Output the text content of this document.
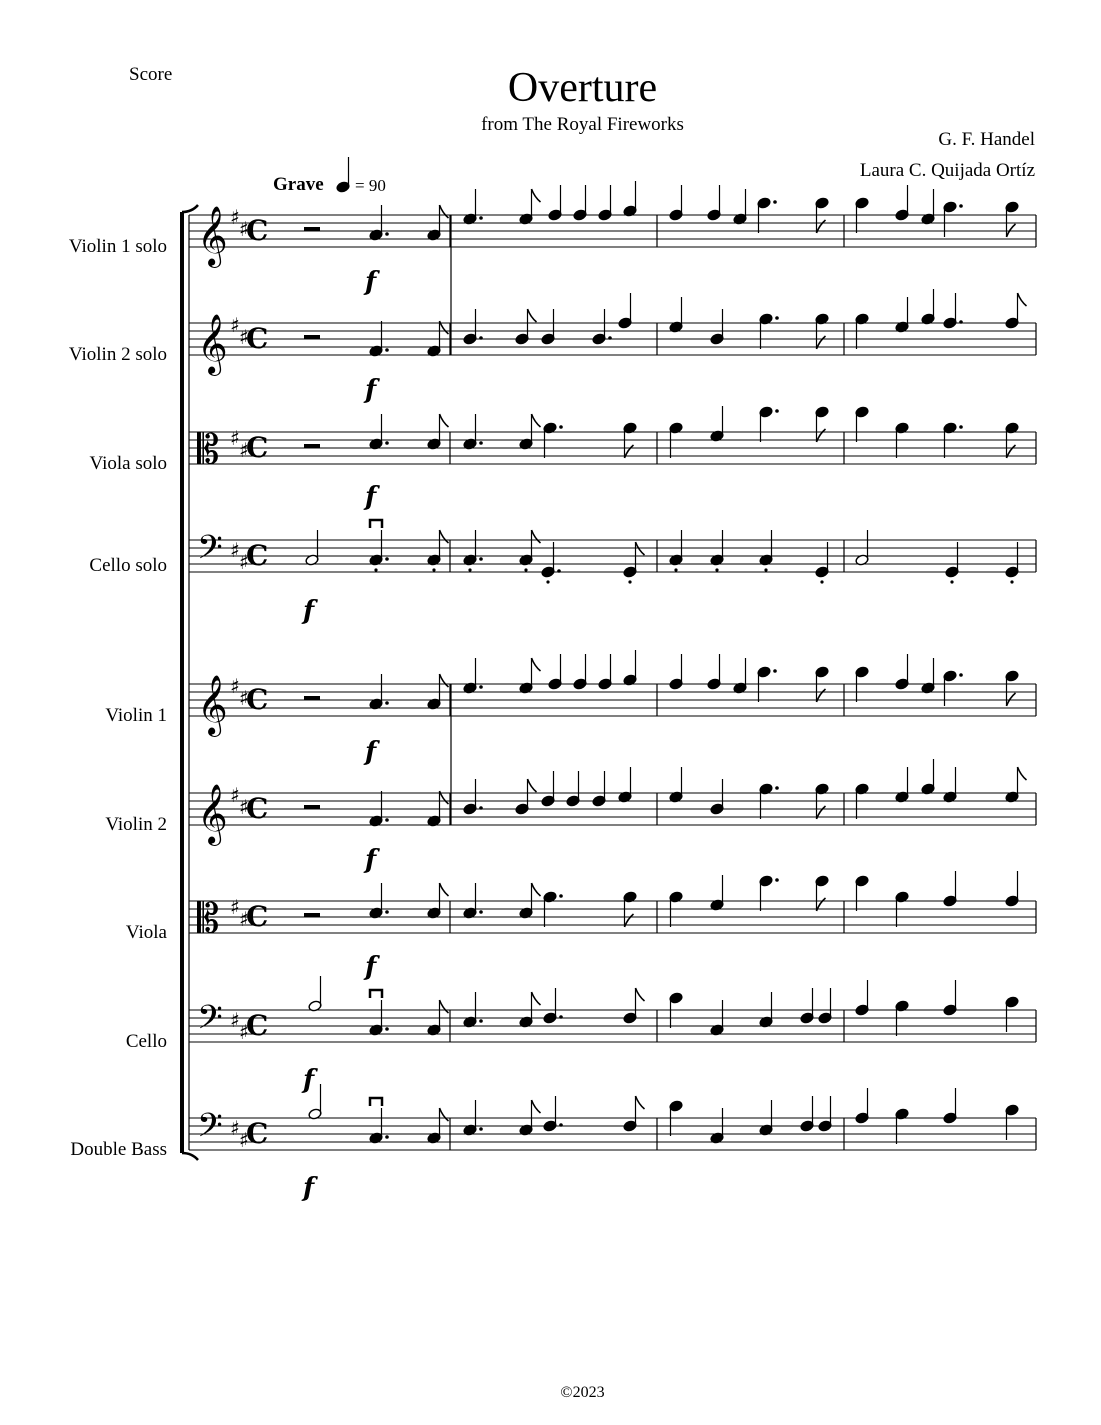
Score	Overture
from The Royal Fireworks
G. F. Handel
Laura C. Quijada Ortíz
Grave = 90
Violin 1 solo
Violin 2 solo
Viola solo
Cello solo
Violin 1
Violin 2
Viola
Cello
Double Bass
𝄞 ♯ ♯
C
𝄞 ♯ ♯
C
𝄡 ♯ ♯
C
𝄢 ♯ ♯
C
𝄞 ♯ ♯
C
𝄞 ♯ ♯
C
𝄡 ♯ ♯
C
𝄢 ♯ ♯
C
𝄢 ♯ ♯
C
f
f
f
f
f
f
f
f
f
©2023
